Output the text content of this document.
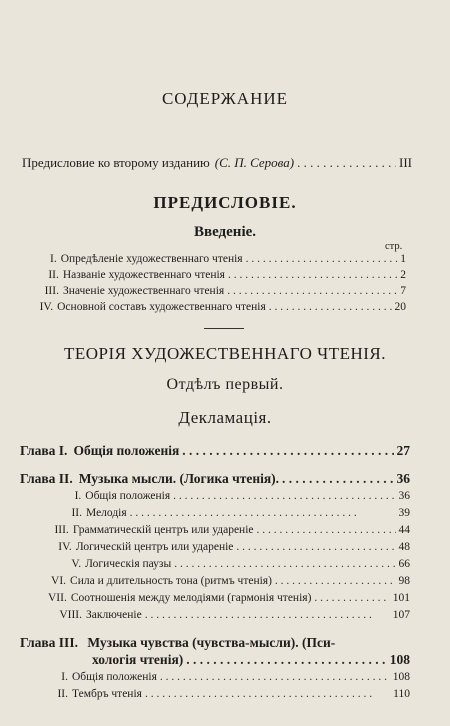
СОДЕРЖАНИЕ
Предисловие ко второму изданию (С. П. Серова) . .	III
ПРЕДИСЛОВІЕ.
Введеніе.
стр.
I. Опредѣленіе художественнаго чтенія . .	1
II. Названіе художественнаго чтенія . .	2
III. Значеніе художественнаго чтенія . .	7
IV. Основной составъ художественнаго чтенія . .	20
ТЕОРІЯ ХУДОЖЕСТВЕННАГО ЧТЕНІЯ.
Отдѣлъ первый.
Декламація.
Глава I. Общія положенія . .	27
Глава II. Музыка мысли. (Логика чтенія). . .	36
I. Общія положенія . .	36
II. Мелодія . .	39
III. Грамматическій центръ или удареніе . .	44
IV. Логическій центръ или удареніе . .	48
V. Логическія паузы . .	66
VI. Сила и длительность тона (ритмъ чтенія) . .	98
VII. Соотношенія между мелодіями (гармонія чтенія) . .	101
VIII. Заключеніе . .	107
Глава III. Музыка чувства (чувства-мысли). (Пси-
хологія чтенія) . .	108
I. Общія положенія . .	108
II. Тембръ чтенія . .	110
